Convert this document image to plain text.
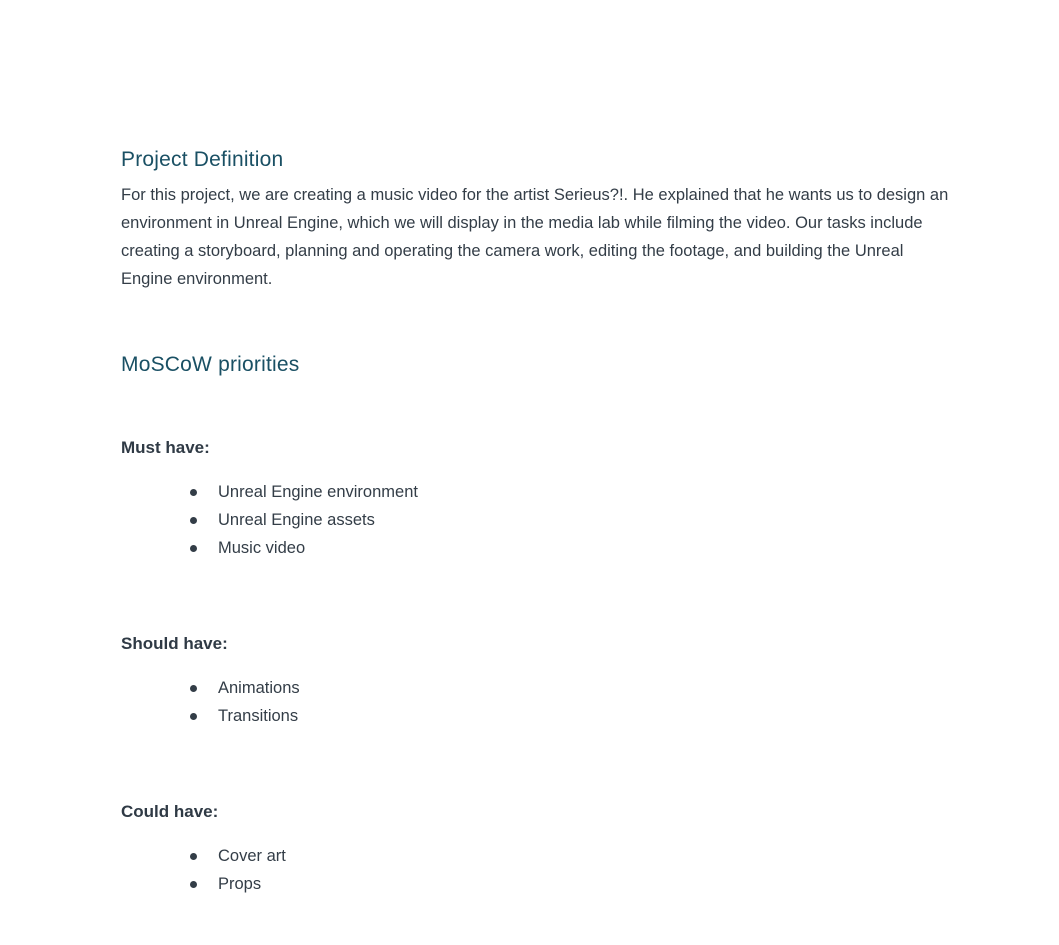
Project Definition

For this project, we are creating a music video for the artist Serieus?!. He explained that he wants us to design an environment in Unreal Engine, which we will display in the media lab while filming the video. Our tasks include creating a storyboard, planning and operating the camera work, editing the footage, and building the Unreal Engine environment.

MoSCoW priorities
Must have:
Unreal Engine environment
Unreal Engine assets
Music video
Should have:
Animations
Transitions
Could have:
Cover art
Props
